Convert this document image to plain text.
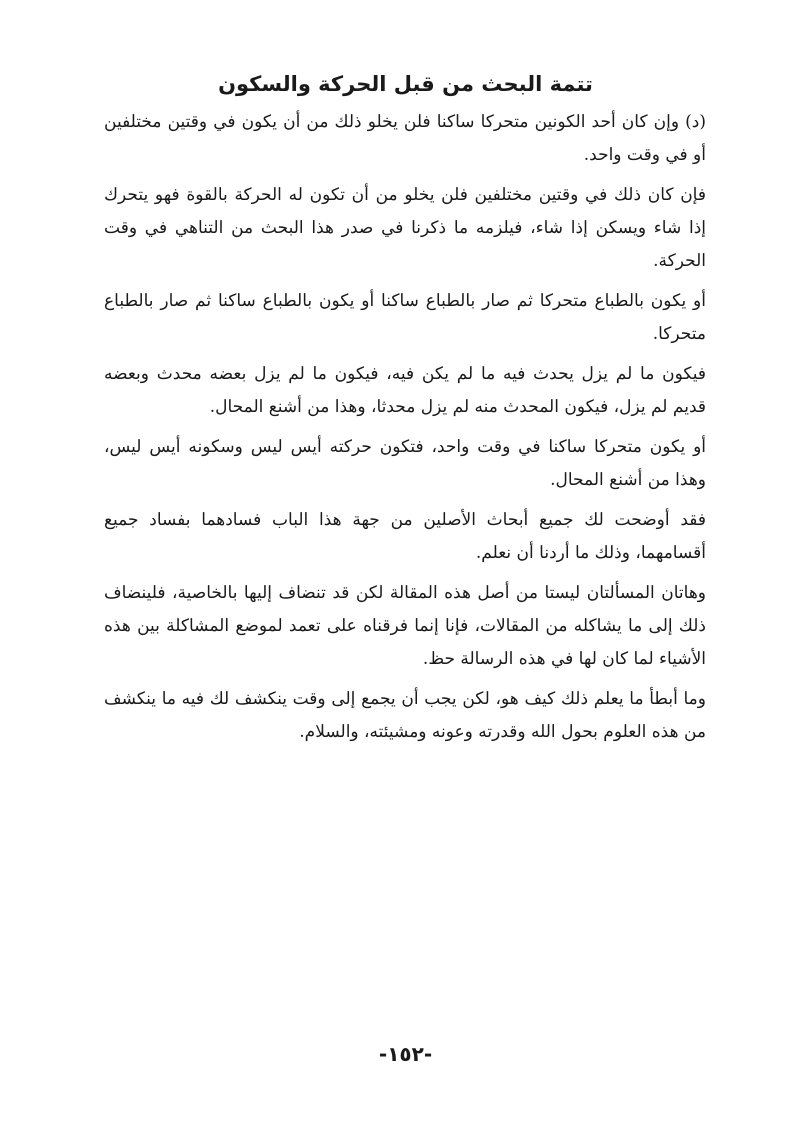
تتمة البحث من قبل الحركة والسكون

(د) وإن كان أحد الكونين متحركا ساكنا فلن يخلو ذلك من أن يكون في وقتين مختلفين أو في وقت واحد.

فإن كان ذلك في وقتين مختلفين فلن يخلو من أن تكون له الحركة بالقوة فهو يتحرك إذا شاء ويسكن إذا شاء، فيلزمه ما ذكرنا في صدر هذا البحث من التناهي في وقت الحركة.

أو يكون بالطباع متحركا ثم صار بالطباع ساكنا أو يكون بالطباع ساكنا ثم صار بالطباع متحركا.

فيكون ما لم يزل يحدث فيه ما لم يكن فيه، فيكون ما لم يزل بعضه محدث وبعضه قديم لم يزل، فيكون المحدث منه لم يزل محدثا، وهذا من أشنع المحال.

أو يكون متحركا ساكنا في وقت واحد، فتكون حركته أيس ليس وسكونه أيس ليس، وهذا من أشنع المحال.

فقد أوضحت لك جميع أبحاث الأصلين من جهة هذا الباب فسادهما بفساد جميع أقسامهما، وذلك ما أردنا أن نعلم.

وهاتان المسألتان ليستا من أصل هذه المقالة لكن قد تنضاف إليها بالخاصية، فلينضاف ذلك إلى ما يشاكله من المقالات، فإنا إنما فرقناه على تعمد لموضع المشاكلة بين هذه الأشياء لما كان لها في هذه الرسالة حظ.

وما أبطأ ما يعلم ذلك كيف هو، لكن يجب أن يجمع إلى وقت ينكشف لك فيه ما ينكشف من هذه العلوم بحول الله وقدرته وعونه ومشيئته، والسلام.

-١٥٢-
